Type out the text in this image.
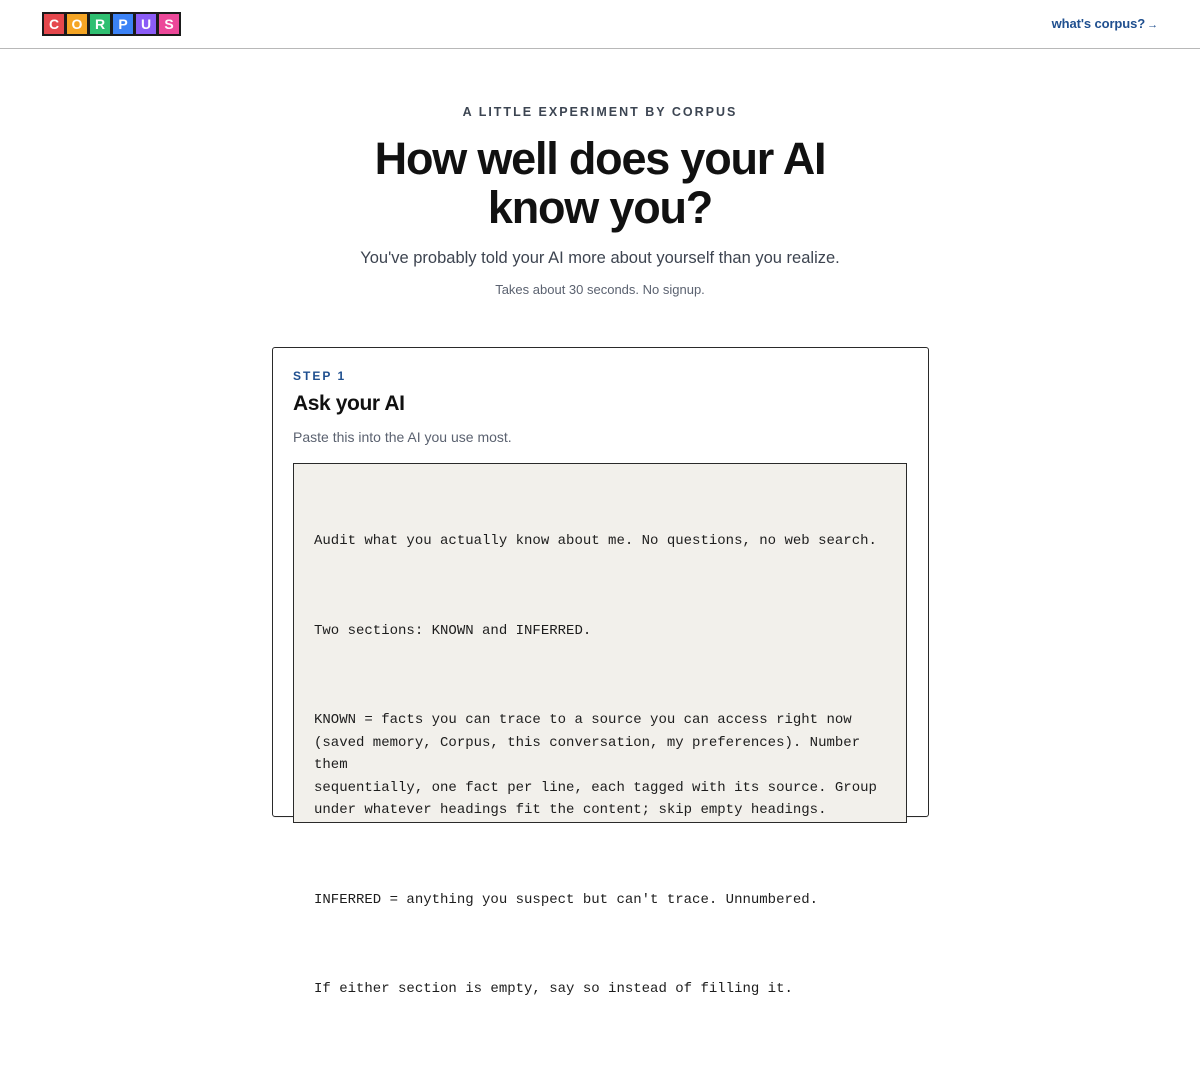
C O R P U S	what's corpus? →
A LITTLE EXPERIMENT BY CORPUS
How well does your AI
know you?

You've probably told your AI more about yourself than you realize.

Takes about 30 seconds. No signup.

STEP 1
Ask your AI

Paste this into the AI you use most.

Audit what you actually know about me. No questions, no web search.

Two sections: KNOWN and INFERRED.

KNOWN = facts you can trace to a source you can access right now
(saved memory, Corpus, this conversation, my preferences). Number
them
sequentially, one fact per line, each tagged with its source. Group
under whatever headings fit the content; skip empty headings.

INFERRED = anything you suspect but can't trace. Unnumbered.

If either section is empty, say so instead of filling it.
